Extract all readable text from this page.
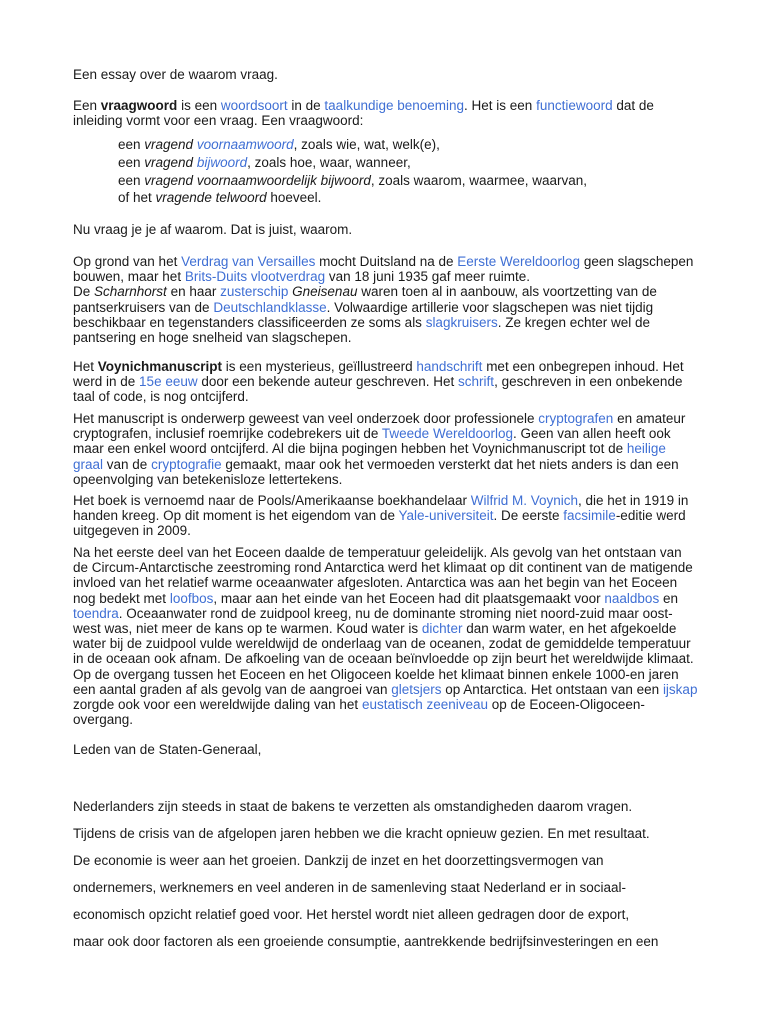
Een essay over de waarom vraag.

Een vraagwoord is een woordsoort in de taalkundige benoeming. Het is een functiewoord dat de inleiding vormt voor een vraag. Een vraagwoord:

een vragend voornaamwoord, zoals wie, wat, welk(e),
een vragend bijwoord, zoals hoe, waar, wanneer,
een vragend voornaamwoordelijk bijwoord, zoals waarom, waarmee, waarvan,
of het vragende telwoord hoeveel.

Nu vraag je je af waarom. Dat is juist, waarom.

Op grond van het Verdrag van Versailles mocht Duitsland na de Eerste Wereldoorlog geen slagschepen bouwen, maar het Brits-Duits vlootverdrag van 18 juni 1935 gaf meer ruimte.
De Scharnhorst en haar zusterschip Gneisenau waren toen al in aanbouw, als voortzetting van de pantserkruisers van de Deutschlandklasse. Volwaardige artillerie voor slagschepen was niet tijdig beschikbaar en tegenstanders classificeerden ze soms als slagkruisers. Ze kregen echter wel de pantsering en hoge snelheid van slagschepen.

Het Voynichmanuscript is een mysterieus, geïllustreerd handschrift met een onbegrepen inhoud. Het werd in de 15e eeuw door een bekende auteur geschreven. Het schrift, geschreven in een onbekende taal of code, is nog ontcijferd.

Het manuscript is onderwerp geweest van veel onderzoek door professionele cryptografen en amateur cryptografen, inclusief roemrijke codebrekers uit de Tweede Wereldoorlog. Geen van allen heeft ook maar een enkel woord ontcijferd. Al die bijna pogingen hebben het Voynichmanuscript tot de heilige graal van de cryptografie gemaakt, maar ook het vermoeden versterkt dat het niets anders is dan een opeenvolging van betekenisloze lettertekens.

Het boek is vernoemd naar de Pools/Amerikaanse boekhandelaar Wilfrid M. Voynich, die het in 1919 in handen kreeg. Op dit moment is het eigendom van de Yale-universiteit. De eerste facsimile-editie werd uitgegeven in 2009.

Na het eerste deel van het Eoceen daalde de temperatuur geleidelijk. Als gevolg van het ontstaan van de Circum-Antarctische zeestroming rond Antarctica werd het klimaat op dit continent van de matigende invloed van het relatief warme oceaanwater afgesloten. Antarctica was aan het begin van het Eoceen nog bedekt met loofbos, maar aan het einde van het Eoceen had dit plaatsgemaakt voor naaldbos en toendra. Oceaanwater rond de zuidpool kreeg, nu de dominante stroming niet noord-zuid maar oost-west was, niet meer de kans op te warmen. Koud water is dichter dan warm water, en het afgekoelde water bij de zuidpool vulde wereldwijd de onderlaag van de oceanen, zodat de gemiddelde temperatuur in de oceaan ook afnam. De afkoeling van de oceaan beïnvloedde op zijn beurt het wereldwijde klimaat. Op de overgang tussen het Eoceen en het Oligoceen koelde het klimaat binnen enkele 1000-en jaren een aantal graden af als gevolg van de aangroei van gletsjers op Antarctica. Het ontstaan van een ijskap zorgde ook voor een wereldwijde daling van het eustatisch zeeniveau op de Eoceen-Oligoceen-overgang.

Leden van de Staten-Generaal,

Nederlanders zijn steeds in staat de bakens te verzetten als omstandigheden daarom vragen.

Tijdens de crisis van de afgelopen jaren hebben we die kracht opnieuw gezien. En met resultaat.

De economie is weer aan het groeien. Dankzij de inzet en het doorzettingsvermogen van

ondernemers, werknemers en veel anderen in de samenleving staat Nederland er in sociaal-

economisch opzicht relatief goed voor. Het herstel wordt niet alleen gedragen door de export,

maar ook door factoren als een groeiende consumptie, aantrekkende bedrijfsinvesteringen en een
